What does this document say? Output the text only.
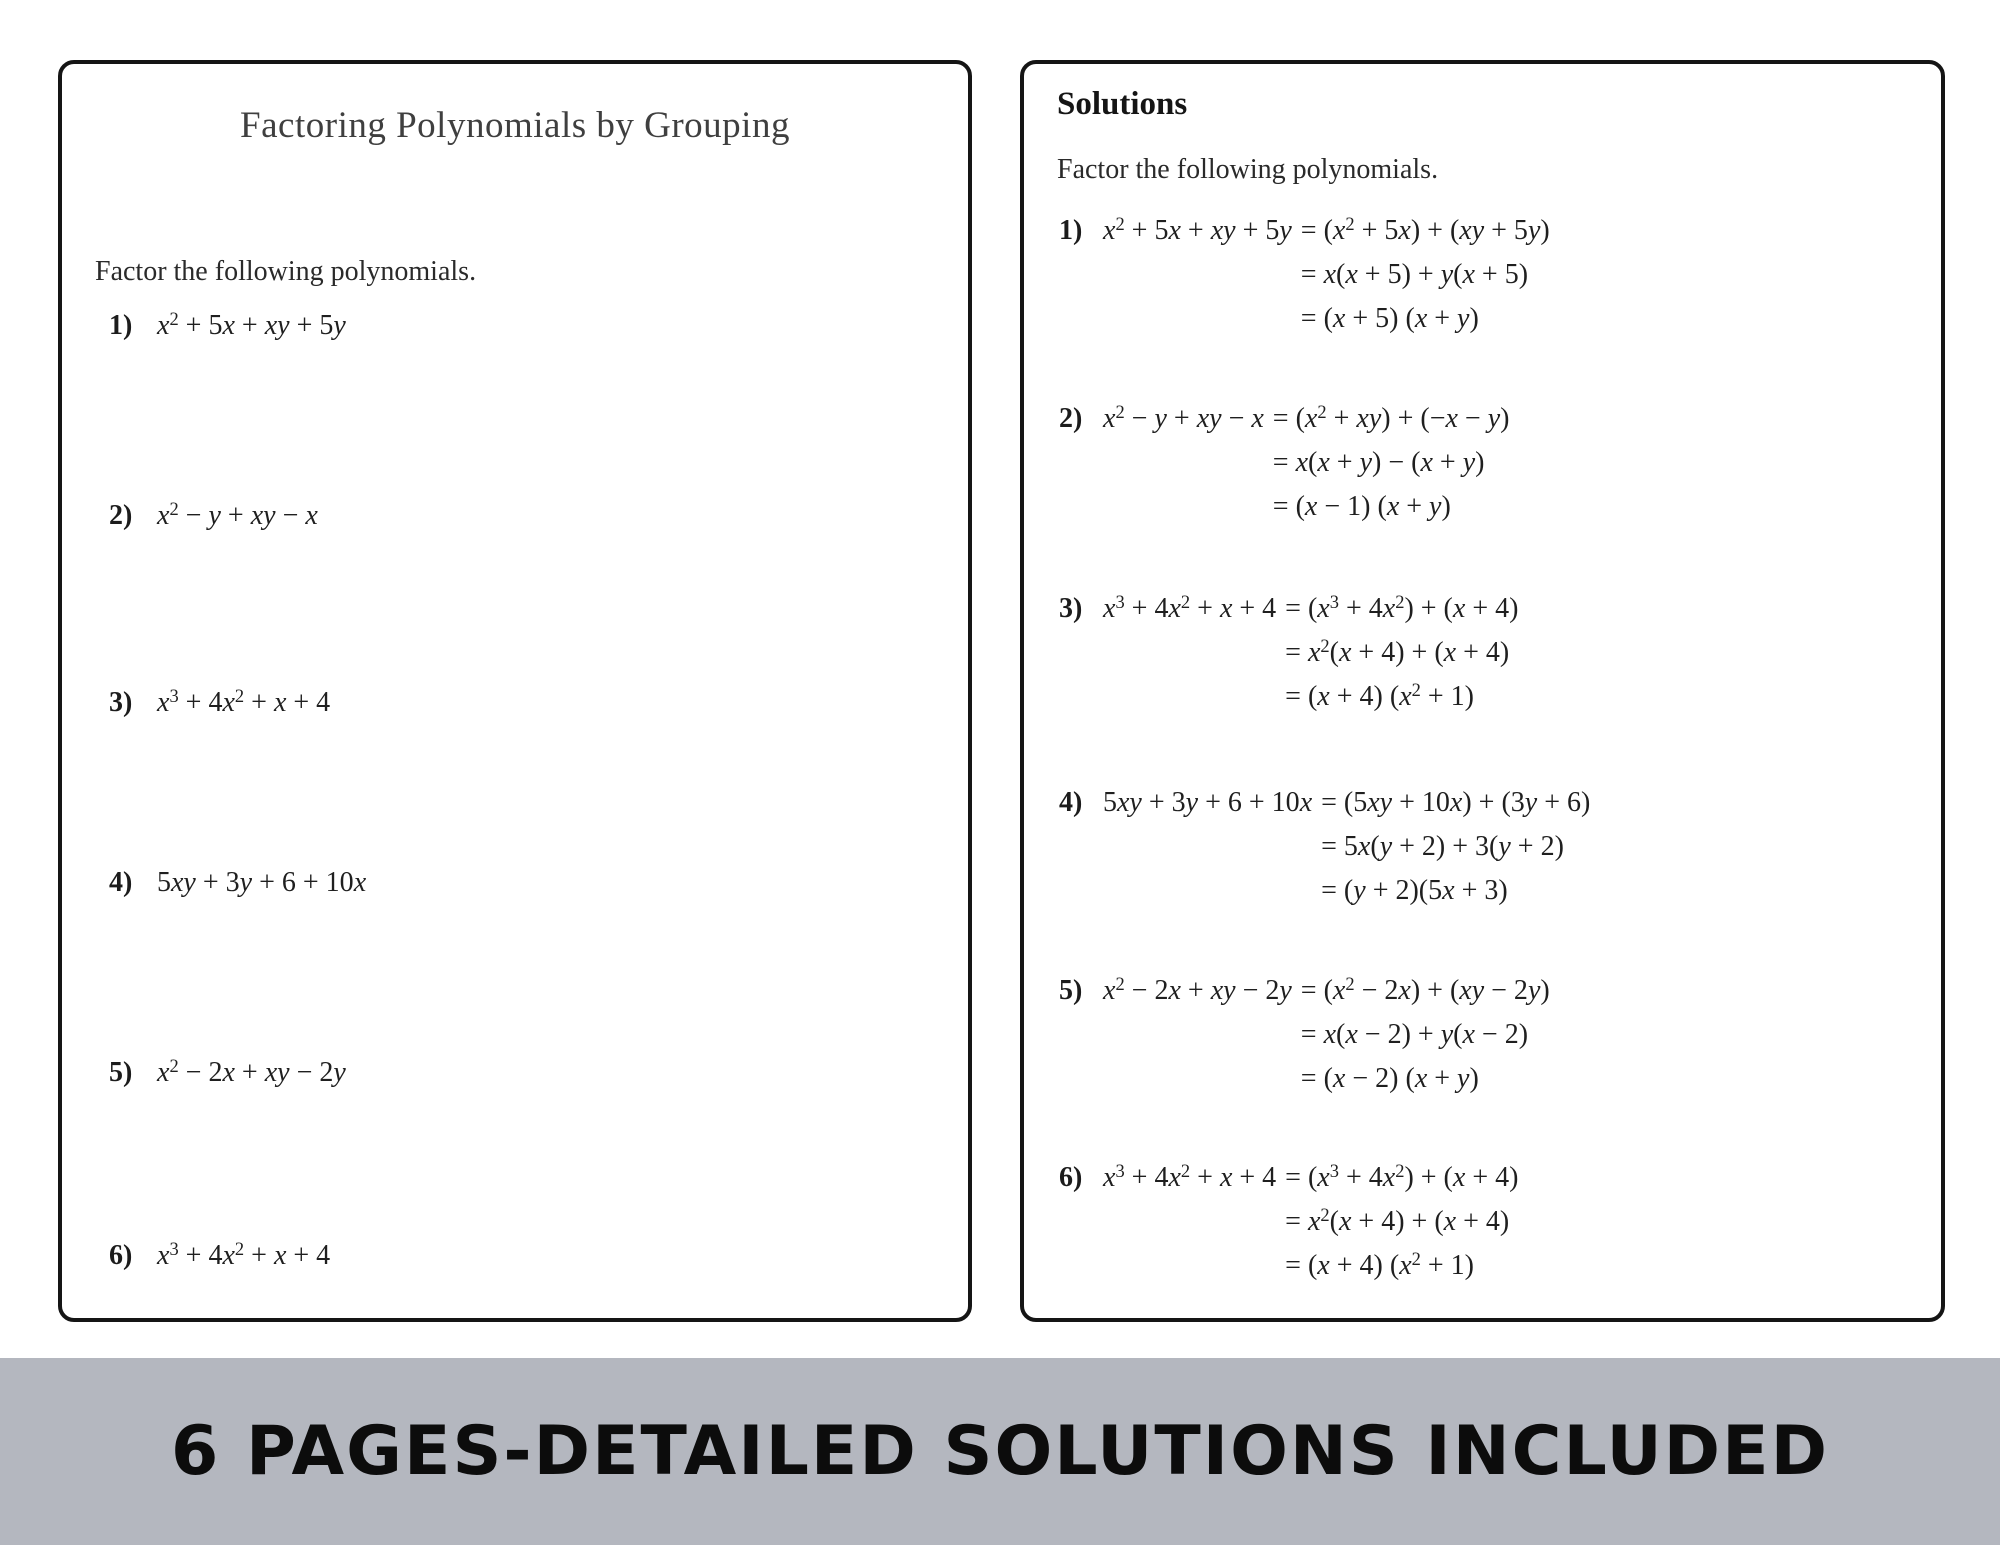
Factoring Polynomials by Grouping
Factor the following polynomials.
1) $x^2 + 5x$ + xy + 5y
2) $x^2 - y$ + xy − x
3) $x^3 + 4x^2 + x + 4$
4) 5xy + 3y + 6 + 10x
5) $x^2 - 2x$ + xy − 2y
6) $x^3 + 4x^2 + x + 4$
Solutions
Factor the following polynomials.
1) $x^2 + 5x$ + xy + $5y = (x^2 + 5x) + (xy + 5y)$
= x(x + 5) + y(x + 5)
= (x + 5) (x + y)
2) $x^2 - y$ + xy − $x = (x^2 + xy) + (-x - y)$
= x(x + y) − (x + y)
= (x − 1) (x + y)
3) $x^3 + 4x^2 + x + 4 = (x^3 + 4x^2) + (x + 4)$
= $x^2(x + 4) + (x + 4)$
= (x + 4) $(x^2 + 1)$
4) 5xy + 3y + 6 + 10x = (5xy + 10x) + (3y + 6)
= 5x(y + 2) + 3(y + 2)
= (y + 2)(5x + 3)
5) $x^2 - 2x$ + xy − $2y = (x^2 - 2x) + (xy - 2y)$
= x(x − 2) + y(x − 2)
= (x − 2) (x + y)
6) $x^3 + 4x^2 + x + 4 = (x^3 + 4x^2) + (x + 4)$
= $x^2(x + 4) + (x + 4)$
= (x + 4) $(x^2 + 1)$
6 PAGES-DETAILED SOLUTIONS INCLUDED
